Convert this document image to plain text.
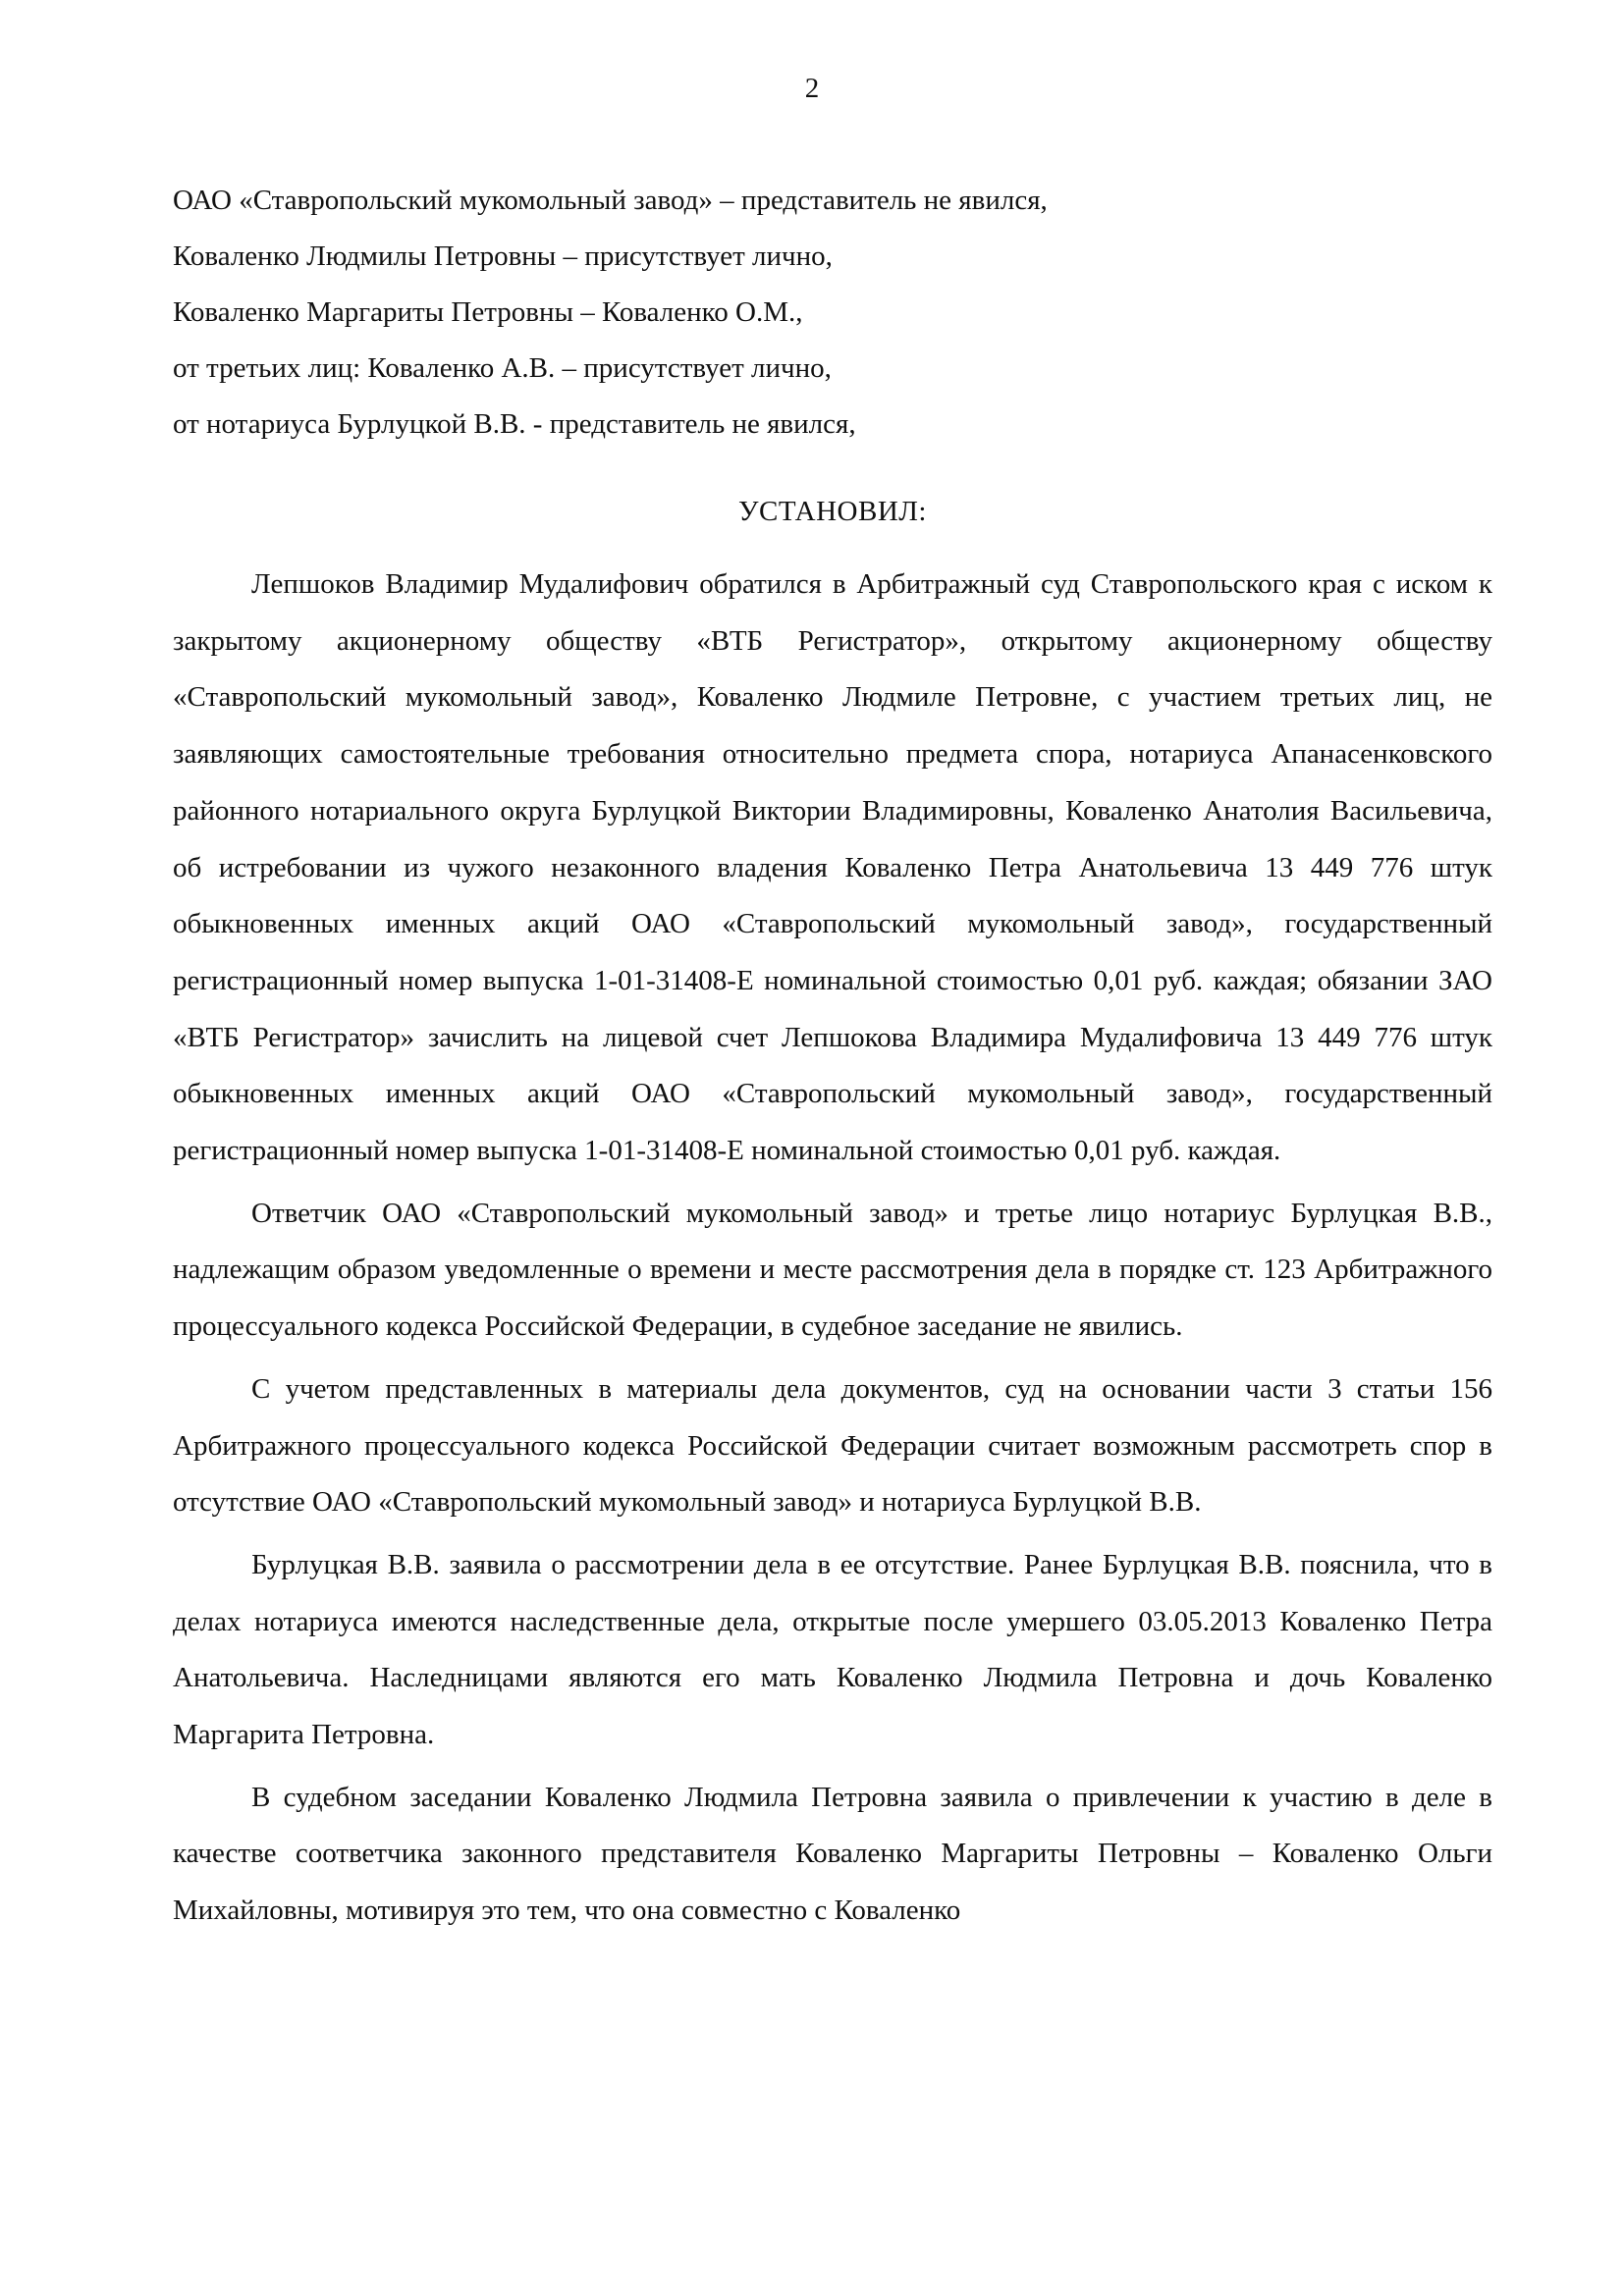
2
ОАО «Ставропольский мукомольный завод» – представитель не явился,
Коваленко Людмилы Петровны – присутствует лично,
Коваленко Маргариты Петровны – Коваленко О.М.,
от третьих лиц: Коваленко А.В. – присутствует лично,
от нотариуса Бурлуцкой В.В. - представитель не явился,
УСТАНОВИЛ:

Лепшоков Владимир Мудалифович обратился в Арбитражный суд Ставропольского края с иском к закрытому акционерному обществу «ВТБ Регистратор», открытому акционерному обществу «Ставропольский мукомольный завод», Коваленко Людмиле Петровне, с участием третьих лиц, не заявляющих самостоятельные требования относительно предмета спора, нотариуса Апанасенковского районного нотариального округа Бурлуцкой Виктории Владимировны, Коваленко Анатолия Васильевича, об истребовании из чужого незаконного владения Коваленко Петра Анатольевича 13 449 776 штук обыкновенных именных акций ОАО «Ставропольский мукомольный завод», государственный регистрационный номер выпуска 1-01-31408-Е номинальной стоимостью 0,01 руб. каждая; обязании ЗАО «ВТБ Регистратор» зачислить на лицевой счет Лепшокова Владимира Мудалифовича 13 449 776 штук обыкновенных именных акций ОАО «Ставропольский мукомольный завод», государственный регистрационный номер выпуска 1-01-31408-Е номинальной стоимостью 0,01 руб. каждая.

Ответчик ОАО «Ставропольский мукомольный завод» и третье лицо нотариус Бурлуцкая В.В., надлежащим образом уведомленные о времени и месте рассмотрения дела в порядке ст. 123 Арбитражного процессуального кодекса Российской Федерации, в судебное заседание не явились.

С учетом представленных в материалы дела документов, суд на основании части 3 статьи 156 Арбитражного процессуального кодекса Российской Федерации считает возможным рассмотреть спор в отсутствие ОАО «Ставропольский мукомольный завод» и нотариуса Бурлуцкой В.В.

Бурлуцкая В.В. заявила о рассмотрении дела в ее отсутствие. Ранее Бурлуцкая В.В. пояснила, что в делах нотариуса имеются наследственные дела, открытые после умершего 03.05.2013 Коваленко Петра Анатольевича. Наследницами являются его мать Коваленко Людмила Петровна и дочь Коваленко Маргарита Петровна.

В судебном заседании Коваленко Людмила Петровна заявила о привлечении к участию в деле в качестве соответчика законного представителя Коваленко Маргариты Петровны – Коваленко Ольги Михайловны, мотивируя это тем, что она совместно с Коваленко
